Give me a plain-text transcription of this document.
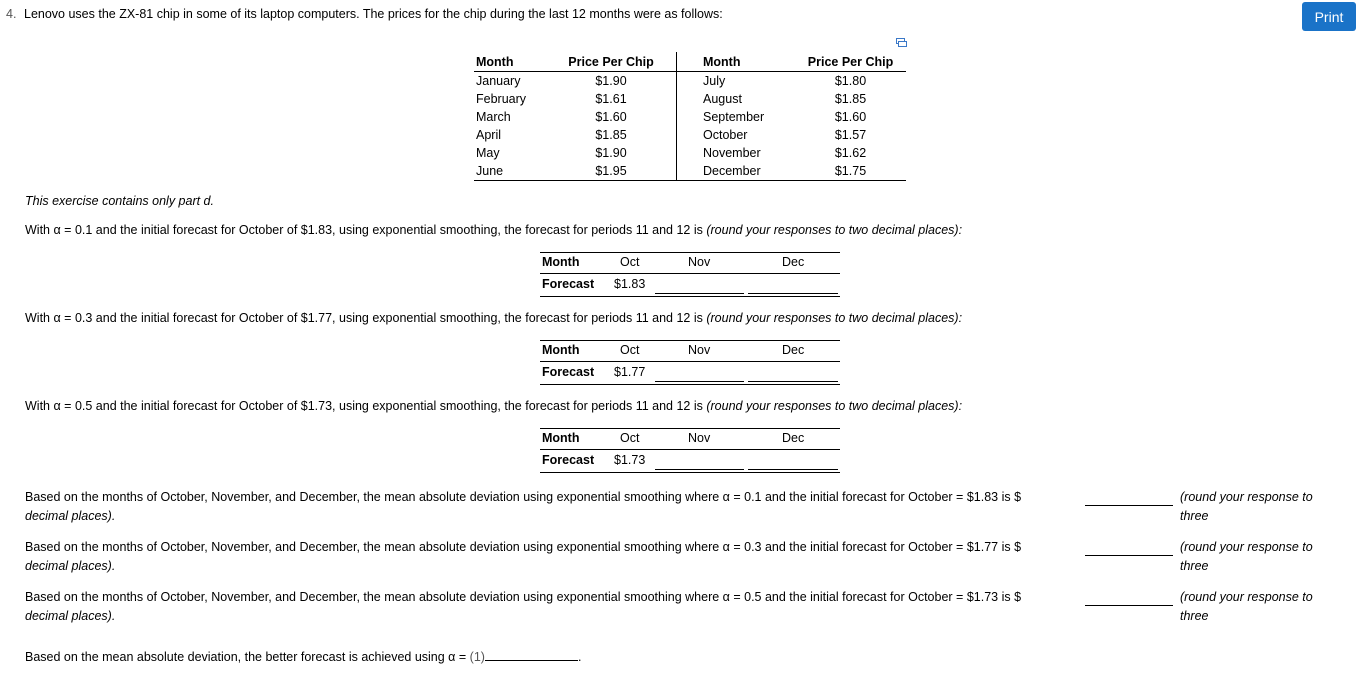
4. Lenovo uses the ZX-81 chip in some of its laptop computers. The prices for the chip during the last 12 months were as follows:	Print
Month	Price Per Chip	Month	Price Per Chip
January	$1.90	July	$1.80
February	$1.61	August	$1.85
March	$1.60	September	$1.60
April	$1.85	October	$1.57
May	$1.90	November	$1.62
June	$1.95	December	$1.75
This exercise contains only part d.
With α = 0.1 and the initial forecast for October of $1.83, using exponential smoothing, the forecast for periods 11 and 12 is (round your responses to two decimal places):
Month	Oct	Nov	Dec
Forecast $1.83
With α = 0.3 and the initial forecast for October of $1.77, using exponential smoothing, the forecast for periods 11 and 12 is (round your responses to two decimal places):
Month	Oct	Nov	Dec
Forecast $1.77
With α = 0.5 and the initial forecast for October of $1.73, using exponential smoothing, the forecast for periods 11 and 12 is (round your responses to two decimal places):
Month	Oct	Nov	Dec
Forecast $1.73
Based on the months of October, November, and December, the mean absolute deviation using exponential smoothing where α = 0.1 and the initial forecast for October = $1.83 is $	(round your response to three
decimal places).
Based on the months of October, November, and December, the mean absolute deviation using exponential smoothing where α = 0.3 and the initial forecast for October = $1.77 is $	(round your response to three
decimal places).
Based on the months of October, November, and December, the mean absolute deviation using exponential smoothing where α = 0.5 and the initial forecast for October = $1.73 is $	(round your response to three
decimal places).
Based on the mean absolute deviation, the better forecast is achieved using α = (1)	.
